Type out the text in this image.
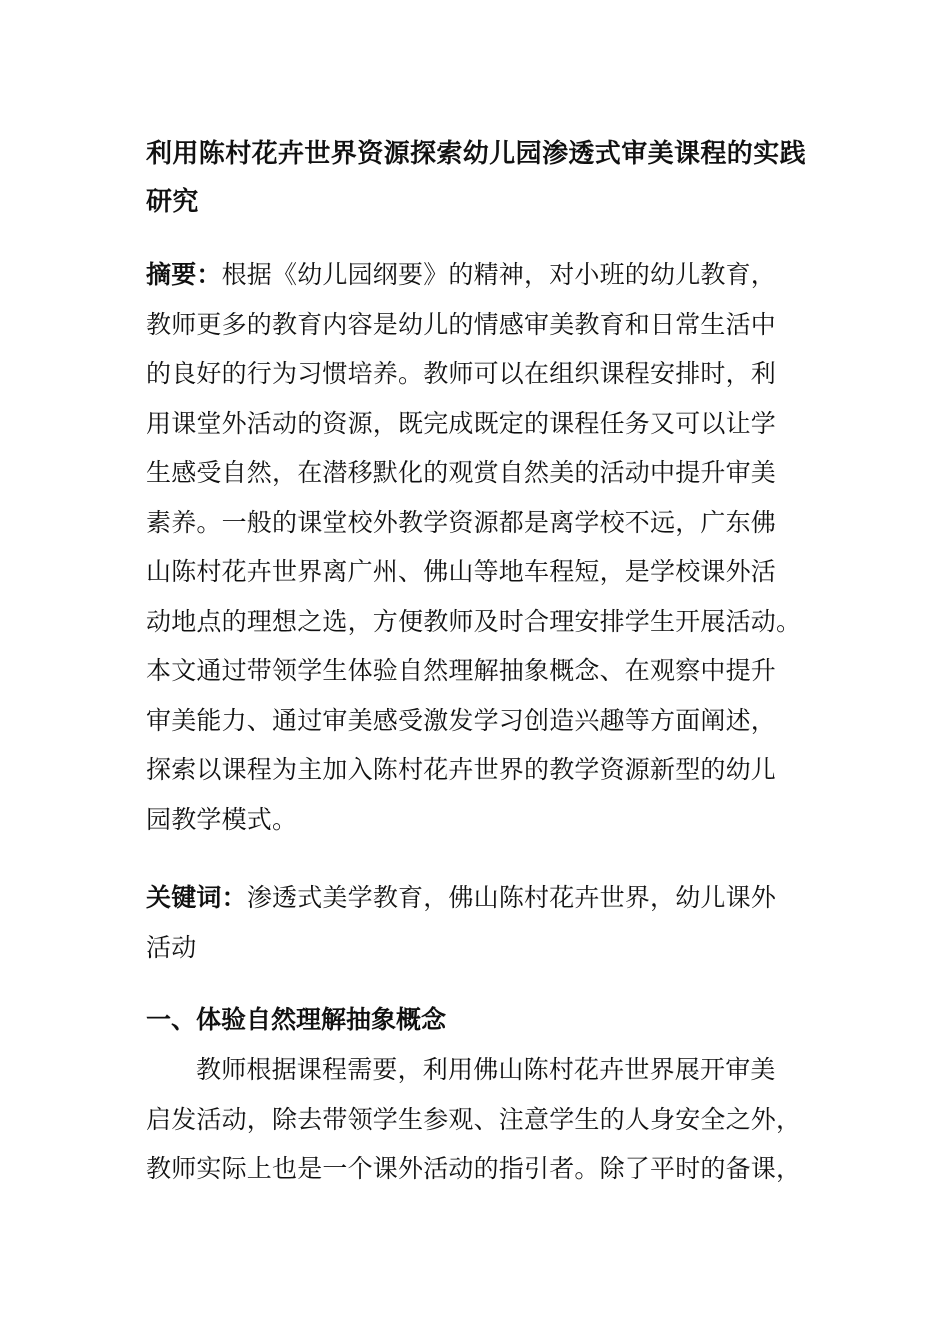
利用陈村花卉世界资源探索幼儿园渗透式审美课程的实践
研究
摘要：根据《幼儿园纲要》的精神，对小班的幼儿教育，
教师更多的教育内容是幼儿的情感审美教育和日常生活中
的良好的行为习惯培养。教师可以在组织课程安排时，利
用课堂外活动的资源，既完成既定的课程任务又可以让学
生感受自然，在潜移默化的观赏自然美的活动中提升审美
素养。一般的课堂校外教学资源都是离学校不远，广东佛
山陈村花卉世界离广州、佛山等地车程短，是学校课外活
动地点的理想之选，方便教师及时合理安排学生开展活动。
本文通过带领学生体验自然理解抽象概念、在观察中提升
审美能力、通过审美感受激发学习创造兴趣等方面阐述，
探索以课程为主加入陈村花卉世界的教学资源新型的幼儿
园教学模式。
关键词：渗透式美学教育，佛山陈村花卉世界，幼儿课外
活动
一、体验自然理解抽象概念
教师根据课程需要，利用佛山陈村花卉世界展开审美
启发活动，除去带领学生参观、注意学生的人身安全之外，
教师实际上也是一个课外活动的指引者。除了平时的备课，
